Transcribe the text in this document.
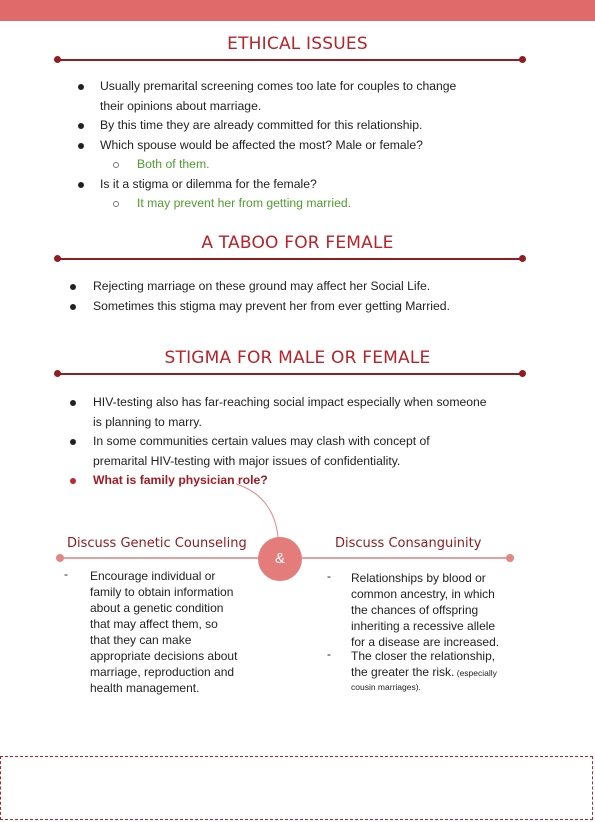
ETHICAL ISSUES
Usually premarital screening comes too late for couples to change
their opinions about marriage.
By this time they are already committed for this relationship.
Which spouse would be affected the most? Male or female?
Both of them.
Is it a stigma or dilemma for the female?
It may prevent her from getting married.
A TABOO FOR FEMALE
Rejecting marriage on these ground may affect her Social Life.
Sometimes this stigma may prevent her from ever getting Married.
STIGMA FOR MALE OR FEMALE
HIV-testing also has far-reaching social impact especially when someone
is planning to marry.
In some communities certain values may clash with concept of
premarital HIV-testing with major issues of confidentiality.
What is family physician role?
Discuss Genetic Counseling
&
- Encourage individual or
family to obtain information
about a genetic condition
that may affect them, so
that they can make
appropriate decisions about
marriage, reproduction and
health management.
Discuss Consanguinity
- Relationships by blood or
common ancestry, in which
the chances of offspring
inheriting a recessive allele
for a disease are increased.
- The closer the relationship,
the greater the risk. (especially
cousin marriages).
